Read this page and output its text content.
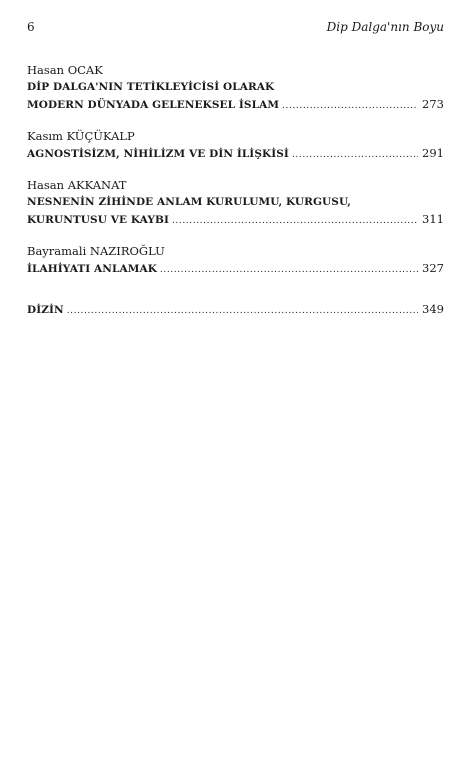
6	Dip Dalga'nın Boyu
Hasan OCAK
DİP DALGA'NIN TETİKLEYİCİSİ OLARAK
MODERN DÜNYADA GELENEKSEL İSLAM .....	273
Kasım KÜÇÜKALP
AGNOSTİSİZM, NİHİLİZM VE DİN İLİŞKİSİ .....	291
Hasan AKKANAT
NESNENİN ZİHİNDE ANLAM KURULUMU, KURGUSU,
KURUNTUSU VE KAYBI .....	311
Bayramali NAZIROĞLU
İLAHİYATI ANLAMAK .....	327
DİZİN .....	349
